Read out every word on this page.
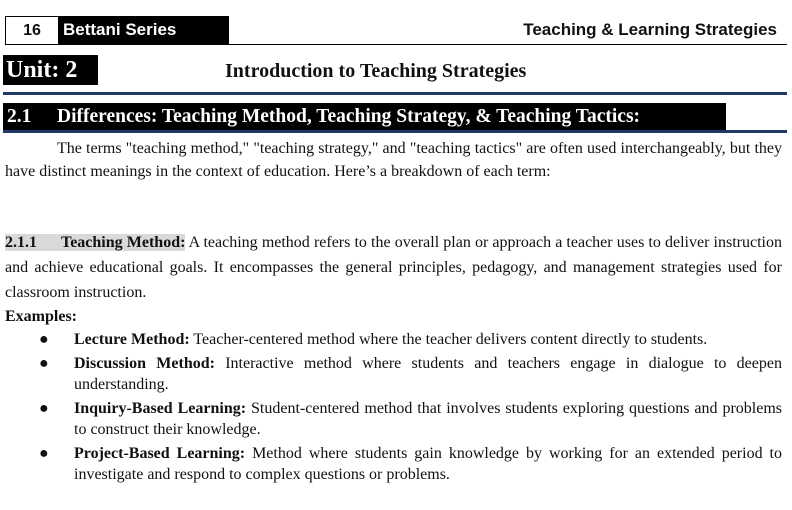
16	Bettani Series	Teaching & Learning Strategies
Unit: 2	Introduction to Teaching Strategies
2.1 Differences: Teaching Method, Teaching Strategy, & Teaching Tactics:

The terms "teaching method," "teaching strategy," and "teaching tactics" are often used interchangeably, but they have distinct meanings in the context of education. Here’s a breakdown of each term:

2.1.1 Teaching Method: A teaching method refers to the overall plan or approach a teacher uses to deliver instruction and achieve educational goals. It encompasses the general principles, pedagogy, and management strategies used for classroom instruction.

Examples:
● Lecture Method: Teacher-centered method where the teacher delivers content directly to students.
● Discussion Method: Interactive method where students and teachers engage in dialogue to deepen understanding.
● Inquiry-Based Learning: Student-centered method that involves students exploring questions and problems to construct their knowledge.
● Project-Based Learning: Method where students gain knowledge by working for an extended period to investigate and respond to complex questions or problems.
